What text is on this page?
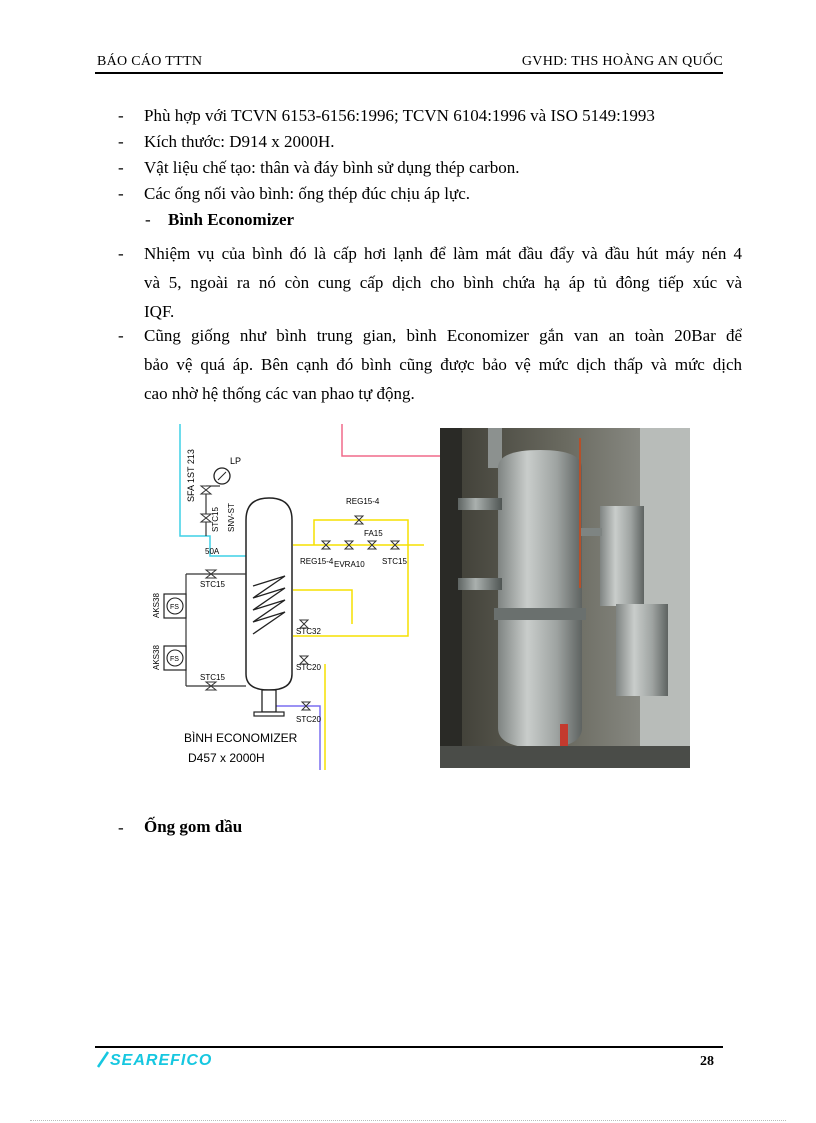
BÁO CÁO TTTN	GVHD: THS HOÀNG AN QUỐC
- Phù hợp với TCVN 6153-6156:1996; TCVN 6104:1996 và ISO 5149:1993
- Kích thước: D914 x 2000H.
- Vật liệu chế tạo: thân và đáy bình sử dụng thép carbon.
- Các ống nối vào bình: ống thép đúc chịu áp lực.
- Bình Economizer
- Nhiệm vụ của bình đó là cấp hơi lạnh để làm mát đầu đẩy và đầu hút máy nén 4
và 5, ngoài ra nó còn cung cấp dịch cho bình chứa hạ áp tủ đông tiếp xúc và
IQF.
- Cũng giống như bình trung gian, bình Economizer gắn van an toàn 20Bar để
bảo vệ quá áp. Bên cạnh đó bình cũng được bảo vệ mức dịch thấp và mức dịch
cao nhờ hệ thống các van phao tự động.
SFA 1ST 213	LP
STC15 SNV-ST
50A
STC15
STC15
FS
FS
AKS38
AKS38
REG15-4
FA15
REG15-4 EVRA10 STC15
STC32
STC20
STC20
BÌNH ECONOMIZER
D457 x 2000H
- Ống gom dầu
SEAREFICO	28
